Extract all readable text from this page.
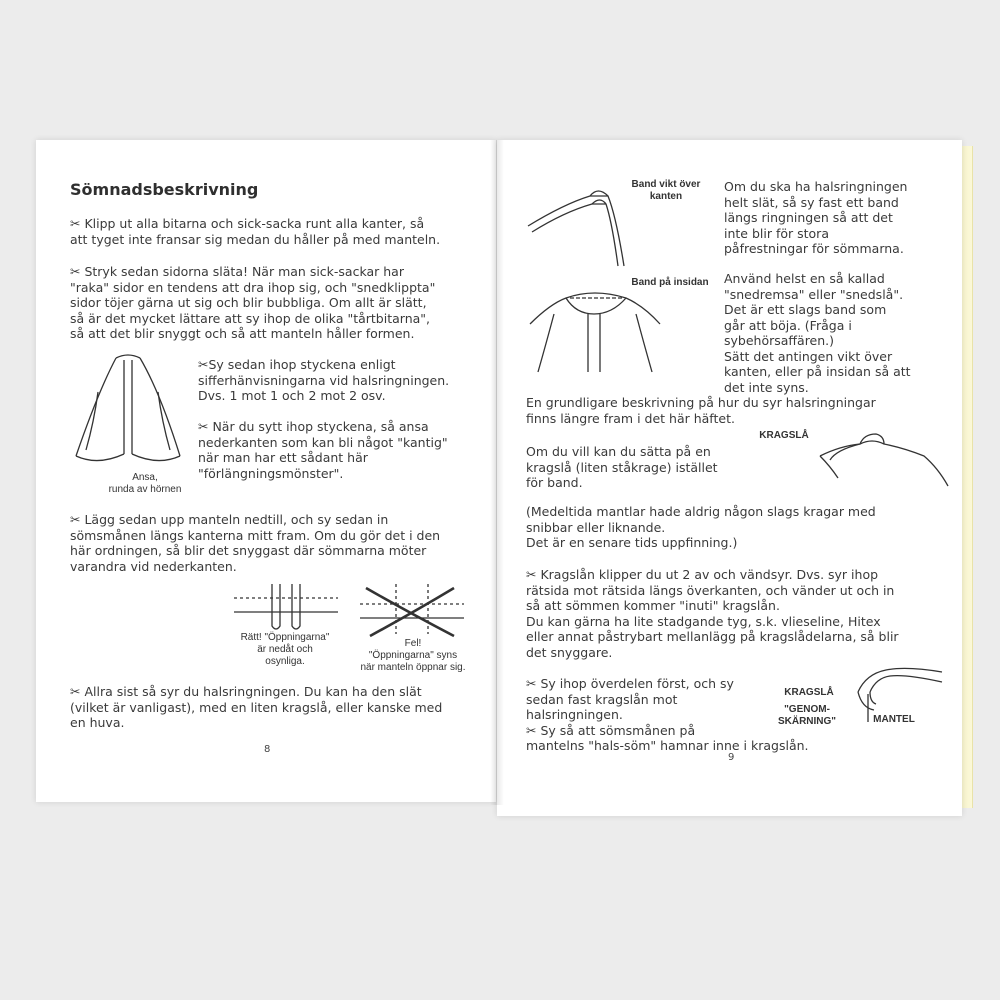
Sömnadsbeskrivning
✂ Klipp ut alla bitarna och sick-sacka runt alla kanter, så
att tyget inte fransar sig medan du håller på med manteln.
✂ Stryk sedan sidorna släta! När man sick-sackar har
"raka" sidor en tendens att dra ihop sig, och "snedklippta"
sidor töjer gärna ut sig och blir bubbliga. Om allt är slätt,
så är det mycket lättare att sy ihop de olika "tårtbitarna",
så att det blir snyggt och så att manteln håller formen.
Ansa,
runda av hörnen
✂Sy sedan ihop styckena enligt
sifferhänvisningarna vid halsringningen.
Dvs. 1 mot 1 och 2 mot 2 osv.
✂ När du sytt ihop styckena, så ansa
nederkanten som kan bli något "kantig"
när man har ett sådant här
"förlängningsmönster".
✂ Lägg sedan upp manteln nedtill, och sy sedan in
sömsmånen längs kanterna mitt fram. Om du gör det i den
här ordningen, så blir det snyggast där sömmarna möter
varandra vid nederkanten.
Rätt! "Öppningarna"
är nedåt och
osynliga.
Fel!
"Öppningarna" syns
när manteln öppnar sig.
✂ Allra sist så syr du halsringningen. Du kan ha den slät
(vilket är vanligast), med en liten kragslå, eller kanske med
en huva.
8
Band vikt över
kanten
Band på insidan
Om du ska ha halsringningen
helt slät, så sy fast ett band
längs ringningen så att det
inte blir för stora
påfrestningar för sömmarna.
Använd helst en så kallad
"snedremsa" eller "snedslå".
Det är ett slags band som
går att böja. (Fråga i
sybehörsaffären.)
Sätt det antingen vikt över
kanten, eller på insidan så att
det inte syns.
En grundligare beskrivning på hur du syr halsringningar
finns längre fram i det här häftet.
KRAGSLÅ
Om du vill kan du sätta på en
kragslå (liten ståkrage) istället
för band.
(Medeltida mantlar hade aldrig någon slags kragar med
snibbar eller liknande.
Det är en senare tids uppfinning.)
✂ Kragslån klipper du ut 2 av och vändsyr. Dvs. syr ihop
rätsida mot rätsida längs överkanten, och vänder ut och in
så att sömmen kommer "inuti" kragslån.
Du kan gärna ha lite stadgande tyg, s.k. vlieseline, Hitex
eller annat påstrybart mellanlägg på kragslådelarna, så blir
det snyggare.
✂ Sy ihop överdelen först, och sy
sedan fast kragslån mot
halsringningen.
✂ Sy så att sömsmånen på
mantelns "hals-söm" hamnar inne i kragslån.
KRAGSLÅ
"GENOM-
SKÄRNING"	MANTEL
9
